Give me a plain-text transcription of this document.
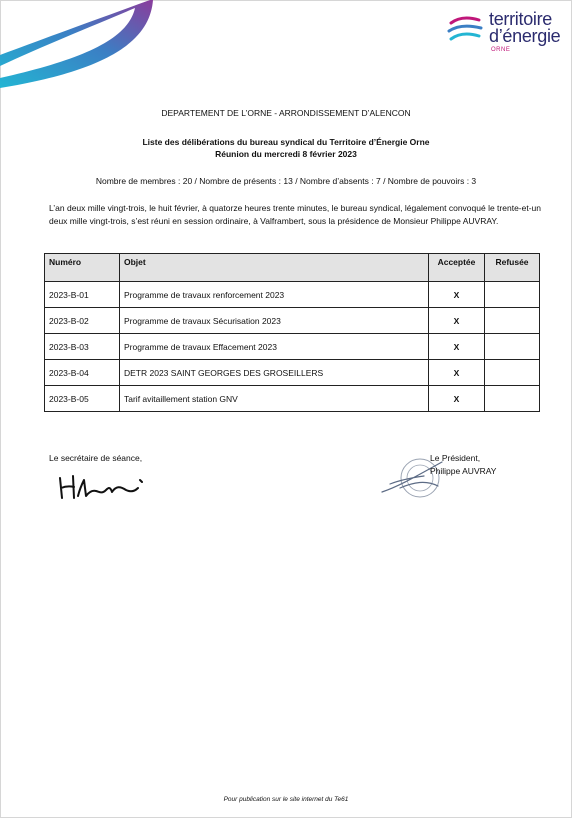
territoire
d’énergie
ORNE
DEPARTEMENT DE L’ORNE - ARRONDISSEMENT D’ALENCON
Liste des délibérations du bureau syndical du Territoire d’Énergie Orne
Réunion du mercredi 8 février 2023
Nombre de membres : 20 / Nombre de présents : 13 / Nombre d’absents : 7 / Nombre de pouvoirs : 3
L’an deux mille vingt-trois, le huit février, à quatorze heures trente minutes, le bureau syndical, légalement convoqué le trente-et-un deux mille vingt-trois, s’est réuni en session ordinaire, à Valframbert, sous la présidence de Monsieur Philippe AUVRAY.
Numéro	Objet	Acceptée	Refusée
2023-B-01	Programme de travaux renforcement 2023	X	
2023-B-02	Programme de travaux Sécurisation 2023	X	
2023-B-03	Programme de travaux Effacement 2023	X	
2023-B-04	DETR 2023 SAINT GEORGES DES GROSEILLERS	X	
2023-B-05	Tarif avitaillement station GNV	X	
Le secrétaire de séance,	Le Président,
Philippe AUVRAY
Pour publication sur le site internet du Te61
